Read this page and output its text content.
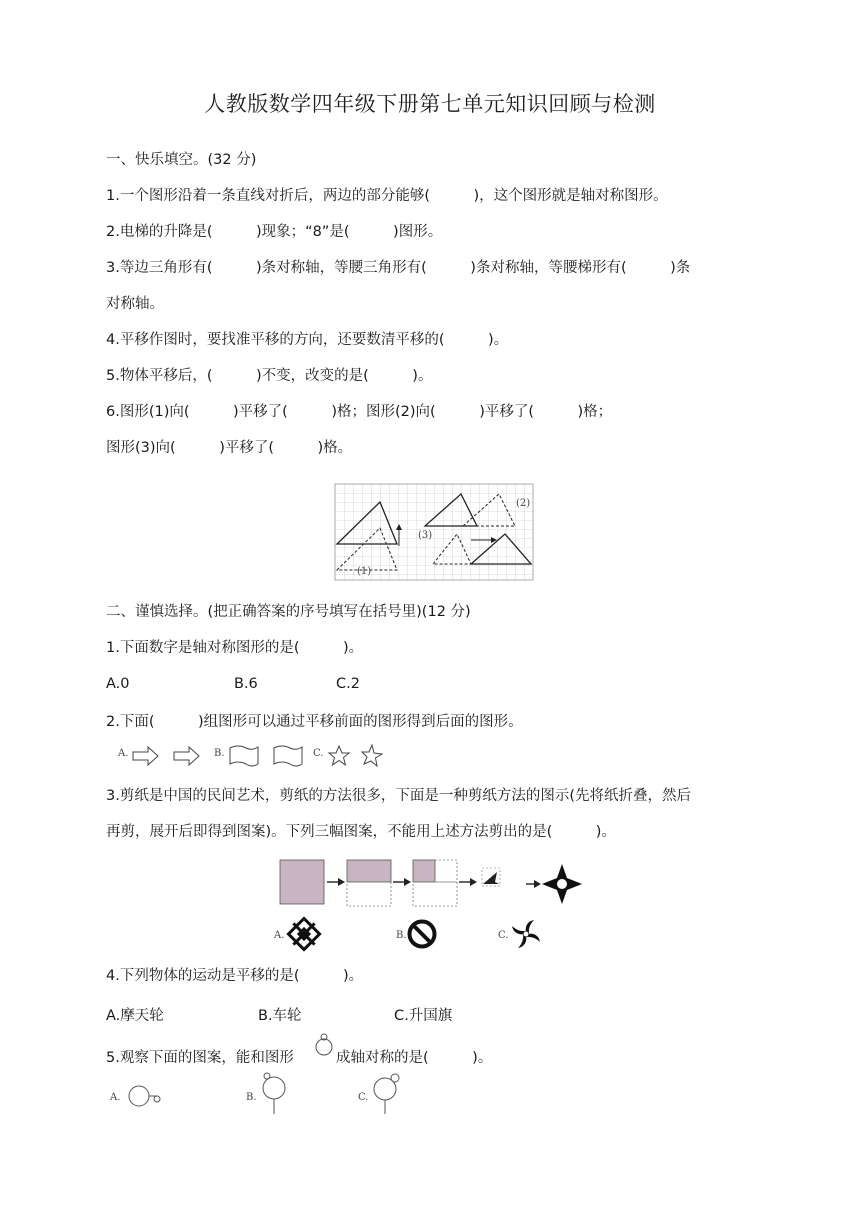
人教版数学四年级下册第七单元知识回顾与检测
一、快乐填空。(32 分)
1.一个图形沿着一条直线对折后，两边的部分能够(　　　)，这个图形就是轴对称图形。
2.电梯的升降是(　　　)现象；“8”是(　　　)图形。
3.等边三角形有(　　　)条对称轴，等腰三角形有(　　　)条对称轴，等腰梯形有(　　　)条
对称轴。
4.平移作图时，要找准平移的方向，还要数清平移的(　　　)。
5.物体平移后，(　　　)不变，改变的是(　　　)。
6.图形(1)向(　　　)平移了(　　　)格；图形(2)向(　　　)平移了(　　　)格；
图形(3)向(　　　)平移了(　　　)格。
(1)
(2)
(3)
二、谨慎选择。(把正确答案的序号填写在括号里)(12 分)
1.下面数字是轴对称图形的是(　　　)。
A.0	B.6	C.2
2.下面(　　　)组图形可以通过平移前面的图形得到后面的图形。
A.	B.	C.
3.剪纸是中国的民间艺术，剪纸的方法很多，下面是一种剪纸方法的图示(先将纸折叠，然后
再剪，展开后即得到图案)。下列三幅图案，不能用上述方法剪出的是(　　　)。
A.	B.	C.
4.下列物体的运动是平移的是(　　　)。
A.摩天轮	B.车轮	C.升国旗
5.观察下面的图案，能和图形	成轴对称的是(　　　)。
A.	B.	C.
